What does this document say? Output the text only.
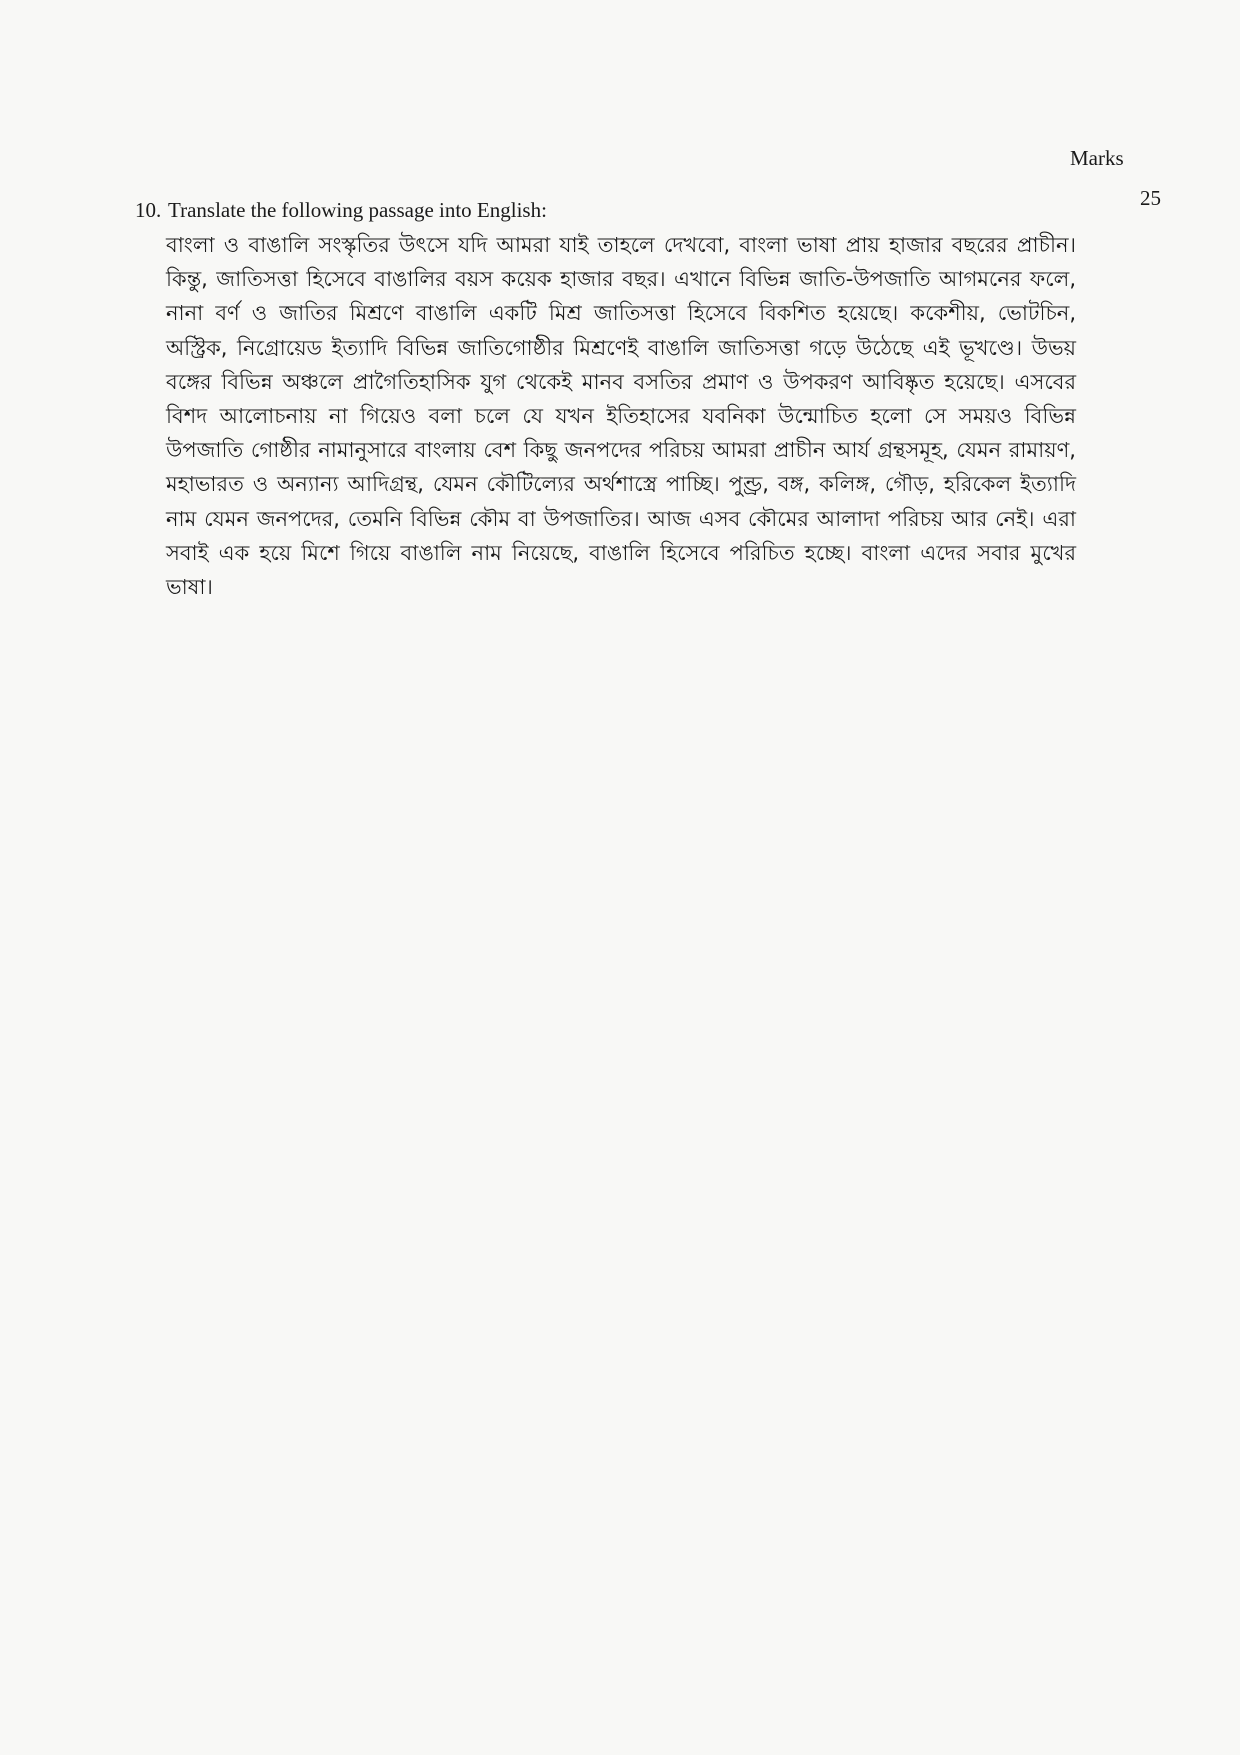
Marks
25
10. Translate the following passage into English:

বাংলা ও বাঙালি সংস্কৃতির উৎসে যদি আমরা যাই তাহলে দেখবো, বাংলা ভাষা প্রায় হাজার বছরের প্রাচীন। কিন্তু, জাতিসত্তা হিসেবে বাঙালির বয়স কয়েক হাজার বছর। এখানে বিভিন্ন জাতি-উপজাতি আগমনের ফলে, নানা বর্ণ ও জাতির মিশ্রণে বাঙালি একটি মিশ্র জাতিসত্তা হিসেবে বিকশিত হয়েছে। ককেশীয়, ভোটচিন, অস্ট্রিক, নিগ্রোয়েড ইত্যাদি বিভিন্ন জাতিগোষ্ঠীর মিশ্রণেই বাঙালি জাতিসত্তা গড়ে উঠেছে এই ভূখণ্ডে। উভয় বঙ্গের বিভিন্ন অঞ্চলে প্রাগৈতিহাসিক যুগ থেকেই মানব বসতির প্রমাণ ও উপকরণ আবিষ্কৃত হয়েছে। এসবের বিশদ আলোচনায় না গিয়েও বলা চলে যে যখন ইতিহাসের যবনিকা উন্মোচিত হলো সে সময়ও বিভিন্ন উপজাতি গোষ্ঠীর নামানুসারে বাংলায় বেশ কিছু জনপদের পরিচয় আমরা প্রাচীন আর্য গ্রন্থসমূহ, যেমন রামায়ণ, মহাভারত ও অন্যান্য আদিগ্রন্থ, যেমন কৌটিল্যের অর্থশাস্ত্রে পাচ্ছি। পুণ্ড্র, বঙ্গ, কলিঙ্গ, গৌড়, হরিকেল ইত্যাদি নাম যেমন জনপদের, তেমনি বিভিন্ন কৌম বা উপজাতির। আজ এসব কৌমের আলাদা পরিচয় আর নেই। এরা সবাই এক হয়ে মিশে গিয়ে বাঙালি নাম নিয়েছে, বাঙালি হিসেবে পরিচিত হচ্ছে। বাংলা এদের সবার মুখের ভাষা।
